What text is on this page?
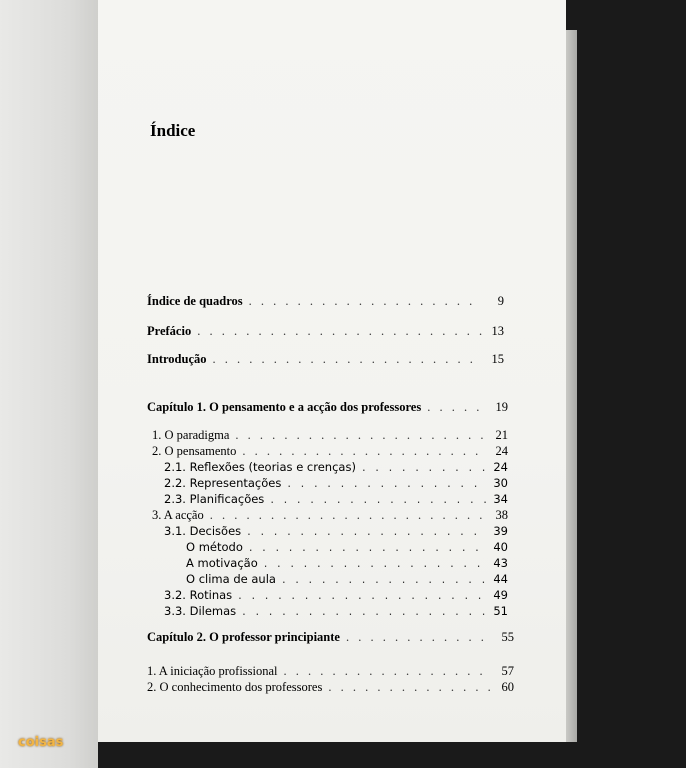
Índice
Índice de quadros . . .	9
Prefácio . . .	13
Introdução . . .	15
Capítulo 1. O pensamento e a acção dos professores . . .	19
1. O paradigma . . .	21
2. O pensamento . . .	24
2.1. Reflexões (teorias e crenças) . . .	24
2.2. Representações . . .	30
2.3. Planificações . . .	34
3. A acção . . .	38
3.1. Decisões . . .	39
O método . . .	40
A motivação . . .	43
O clima de aula . . .	44
3.2. Rotinas . . .	49
3.3. Dilemas . . .	51
Capítulo 2. O professor principiante . . .	55
1. A iniciação profissional . . .	57
2. O conhecimento dos professores . . .	60
coisas
